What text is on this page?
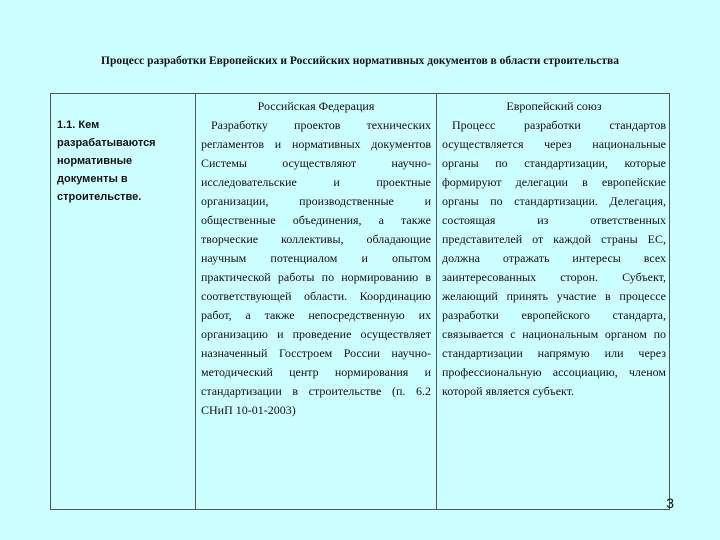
Процесс разработки Европейских и Российских нормативных документов в области строительства
1.1. Кем разрабатываются нормативные документы в строительстве.
Российская Федерация
Разработку проектов технических регламентов и нормативных документов Системы осуществляют научно-исследовательские и проектные организации, производственные и общественные объединения, а также творческие коллективы, обладающие научным потенциалом и опытом практической работы по нормированию в соответствующей области. Координацию работ, а также непосредственную их организацию и проведение осуществляет назначенный Госстроем России научно-методический центр нормирования и стандартизации в строительстве (п. 6.2 СНиП 10-01-2003)
Европейский союз
Процесс разработки стандартов осуществляется через национальные органы по стандартизации, которые формируют делегации в европейские органы по стандартизации. Делегация, состоящая из ответственных представителей от каждой страны ЕС, должна отражать интересы всех заинтересованных сторон. Субъект, желающий принять участие в процессе разработки европейского стандарта, связывается с национальным органом по стандартизации напрямую или через профессиональную ассоциацию, членом которой является субъект.
3
